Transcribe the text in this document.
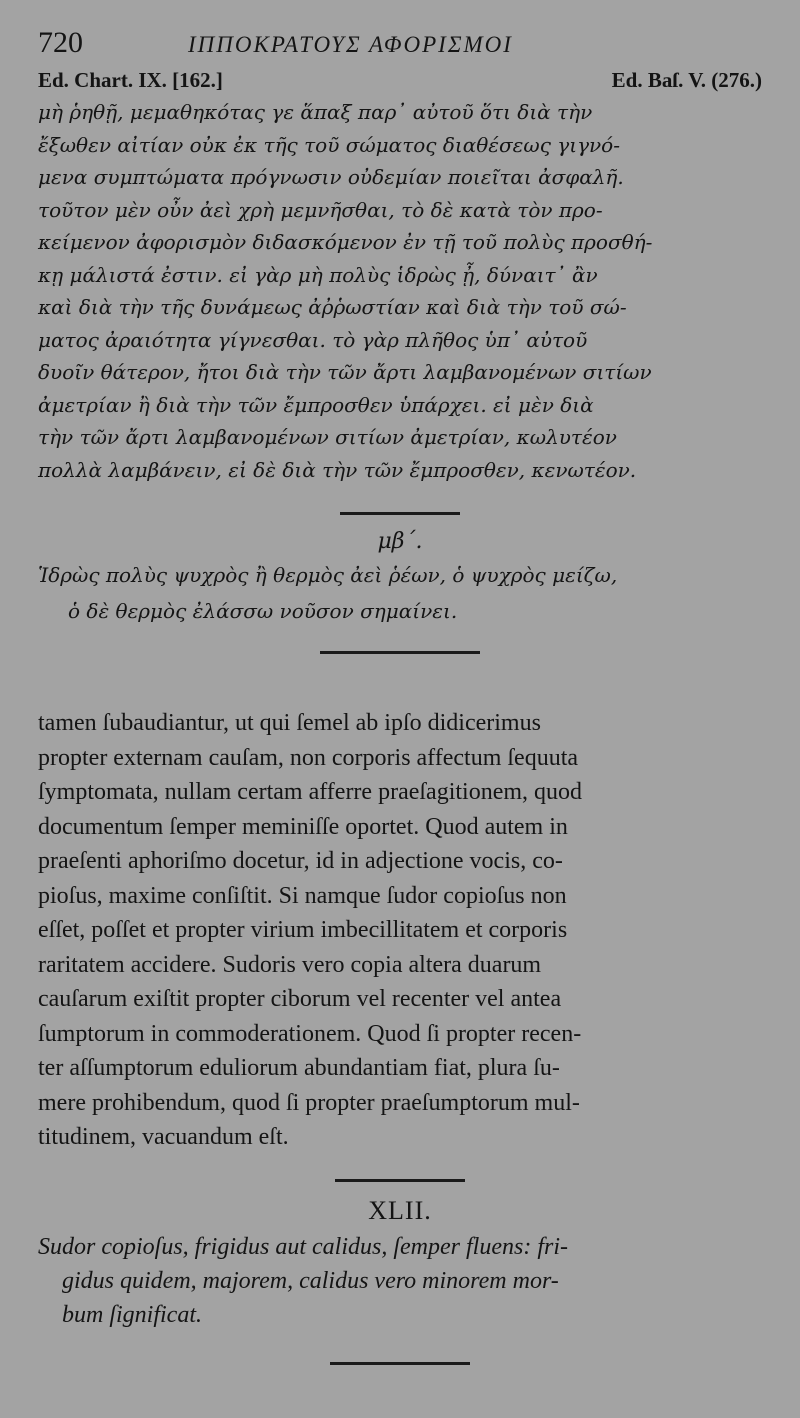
720	ΙΠΠΟΚΡΑΤΟΥΣ ΑΦΟΡΙΣΜΟΙ
Ed. Chart. IX. [162.]	Ed. Baſ. V. (276.)
μὴ ῥηθῇ, μεμαθηκότας γε ἅπαξ παρ᾽ αὐτοῦ ὅτι διὰ τὴν
ἔξωθεν αἰτίαν οὐκ ἐκ τῆς τοῦ σώματος διαθέσεως γιγνό-
μενα συμπτώματα πρόγνωσιν οὐδεμίαν ποιεῖται ἀσφαλῆ.
τοῦτον μὲν οὖν ἀεὶ χρὴ μεμνῆσθαι, τὸ δὲ κατὰ τὸν προ-
κείμενον ἀφορισμὸν διδασκόμενον ἐν τῇ τοῦ πολὺς προσθή-
κῃ μάλιστά ἐστιν. εἰ γὰρ μὴ πολὺς ἱδρὼς ᾖ, δύναιτ᾽ ἂν
καὶ διὰ τὴν τῆς δυνάμεως ἀῤῥωστίαν καὶ διὰ τὴν τοῦ σώ-
ματος ἀραιότητα γίγνεσθαι. τὸ γὰρ πλῆθος ὑπ᾽ αὐτοῦ
δυοῖν θάτερον, ἤτοι διὰ τὴν τῶν ἄρτι λαμβανομένων σιτίων
ἀμετρίαν ἢ διὰ τὴν τῶν ἔμπροσθεν ὑπάρχει. εἰ μὲν διὰ
τὴν τῶν ἄρτι λαμβανομένων σιτίων ἀμετρίαν, κωλυτέον
πολλὰ λαμβάνειν, εἰ δὲ διὰ τὴν τῶν ἔμπροσθεν, κενωτέον.
μβ΄.
Ἱδρὼς πολὺς ψυχρὸς ἢ θερμὸς ἀεὶ ῥέων, ὁ ψυχρὸς μείζω,
ὁ δὲ θερμὸς ἐλάσσω νοῦσον σημαίνει.
tamen ſubaudiantur, ut qui ſemel ab ipſo didicerimus
propter externam cauſam, non corporis affectum ſequuta
ſymptomata, nullam certam afferre praeſagitionem, quod
documentum ſemper meminiſſe oportet. Quod autem in
praeſenti aphoriſmo docetur, id in adjectione vocis, co-
pioſus, maxime conſiſtit. Si namque ſudor copioſus non
eſſet, poſſet et propter virium imbecillitatem et corporis
raritatem accidere. Sudoris vero copia altera duarum
cauſarum exiſtit propter ciborum vel recenter vel antea
ſumptorum in commoderationem. Quod ſi propter recen-
ter aſſumptorum eduliorum abundantiam fiat, plura ſu-
mere prohibendum, quod ſi propter praeſumptorum mul-
titudinem, vacuandum eſt.
XLII.
Sudor copioſus, frigidus aut calidus, ſemper fluens: fri-
gidus quidem, majorem, calidus vero minorem mor-
bum ſignificat.
